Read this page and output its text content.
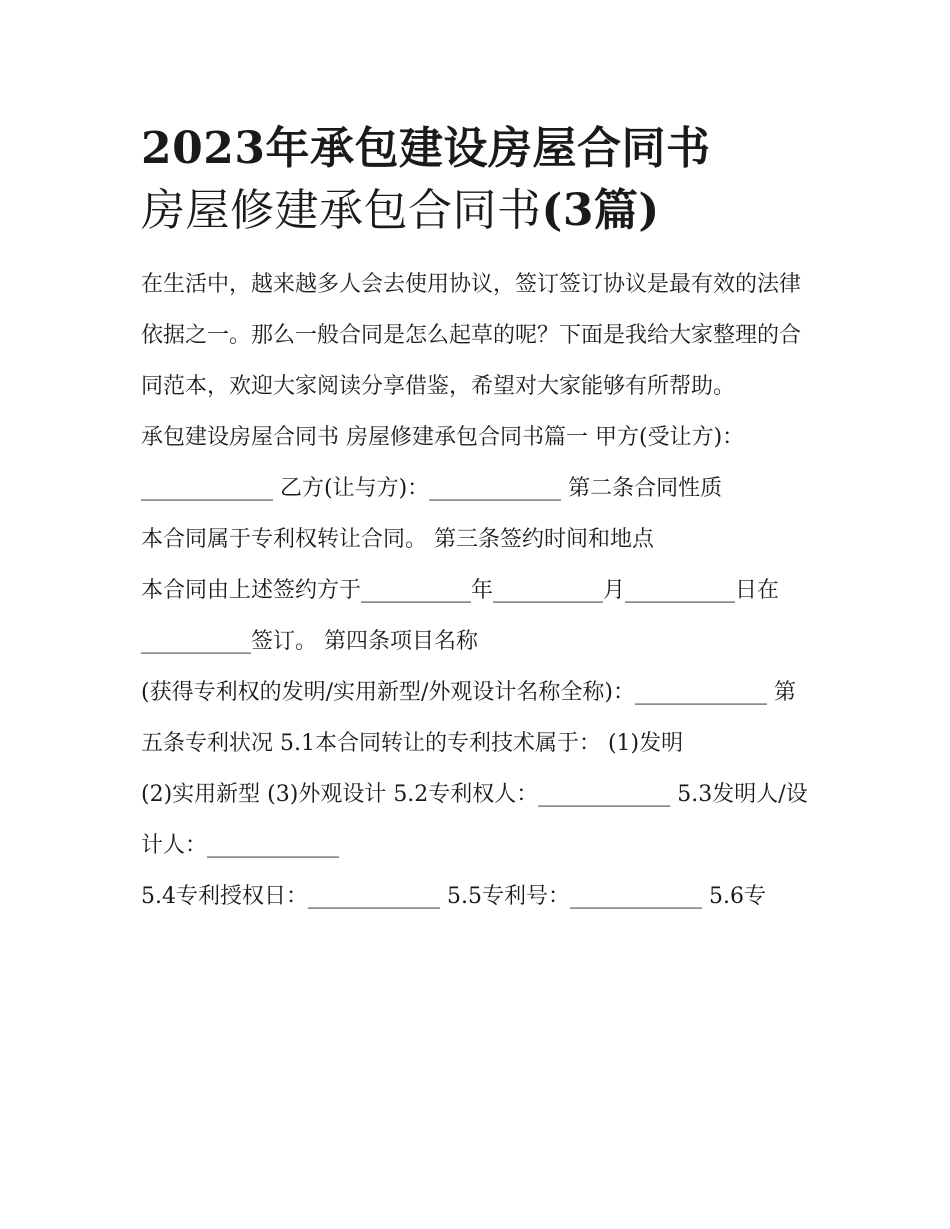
2023年承包建设房屋合同书
房屋修建承包合同书(3篇)

在生活中，越来越多人会去使用协议，签订签订协议是最有效的法律依据之一。那么一般合同是怎么起草的呢？下面是我给大家整理的合同范本，欢迎大家阅读分享借鉴，希望对大家能够有所帮助。

承包建设房屋合同书 房屋修建承包合同书篇一 甲方(受让方)：____________ 乙方(让与方)：____________ 第二条合同性质

本合同属于专利权转让合同。 第三条签约时间和地点

本合同由上述签约方于__________年__________月__________日在__________签订。 第四条项目名称

(获得专利权的发明/实用新型/外观设计名称全称)：____________ 第五条专利状况 5.1本合同转让的专利技术属于： (1)发明

(2)实用新型 (3)外观设计 5.2专利权人：____________ 5.3发明人/设计人：____________

5.4专利授权日：____________ 5.5专利号：____________ 5.6专
